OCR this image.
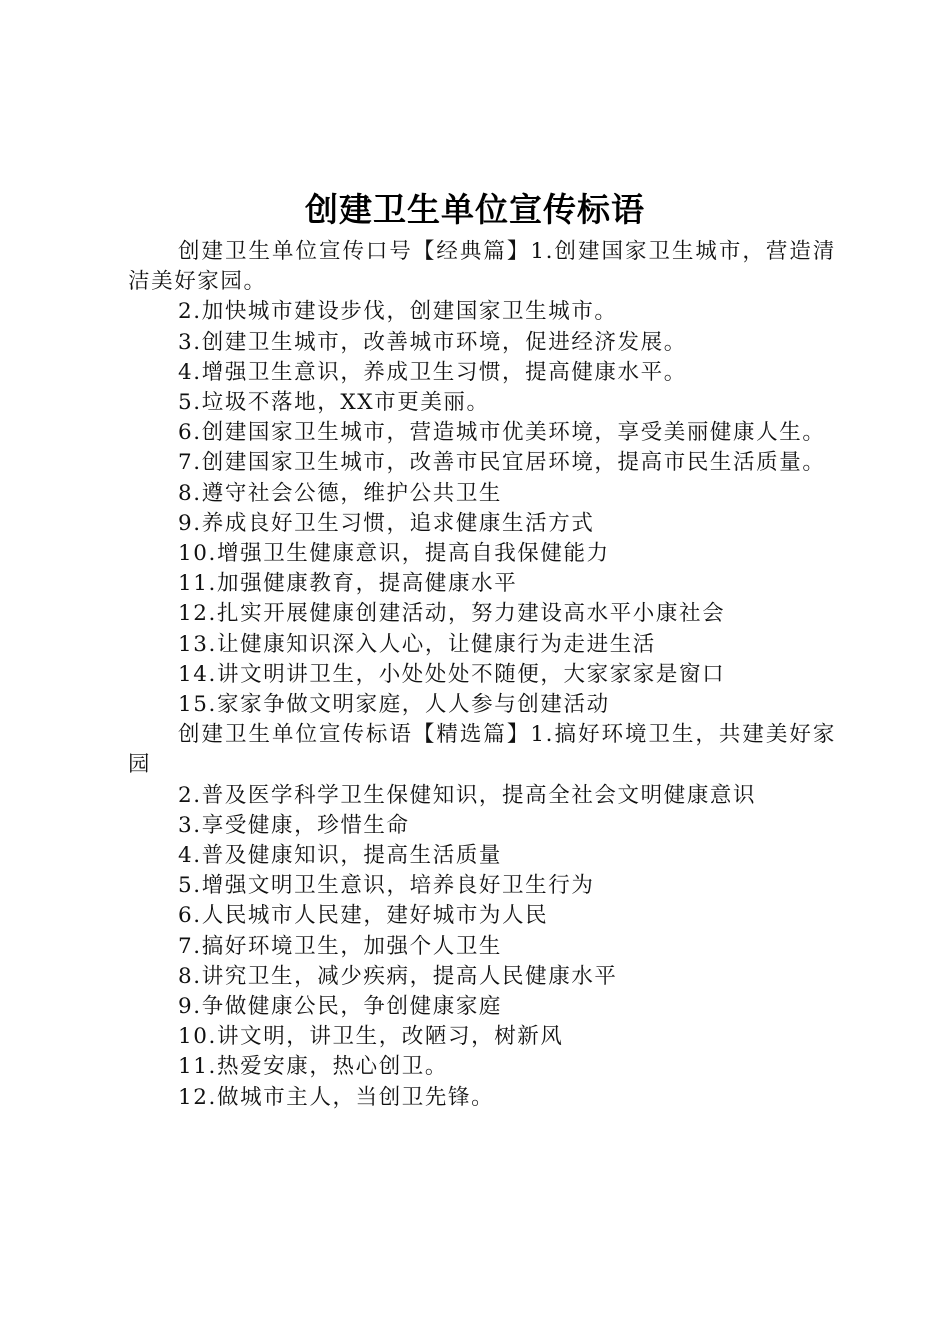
创建卫生单位宣传标语

创建卫生单位宣传口号【经典篇】1.创建国家卫生城市，营造清洁美好家园。

2.加快城市建设步伐，创建国家卫生城市。

3.创建卫生城市，改善城市环境，促进经济发展。

4.增强卫生意识，养成卫生习惯，提高健康水平。

5.垃圾不落地，XX市更美丽。

6.创建国家卫生城市，营造城市优美环境，享受美丽健康人生。

7.创建国家卫生城市，改善市民宜居环境，提高市民生活质量。

8.遵守社会公德，维护公共卫生

9.养成良好卫生习惯，追求健康生活方式

10.增强卫生健康意识，提高自我保健能力

11.加强健康教育，提高健康水平

12.扎实开展健康创建活动，努力建设高水平小康社会

13.让健康知识深入人心，让健康行为走进生活

14.讲文明讲卫生，小处处处不随便，大家家家是窗口

15.家家争做文明家庭，人人参与创建活动

创建卫生单位宣传标语【精选篇】1.搞好环境卫生，共建美好家园

2.普及医学科学卫生保健知识，提高全社会文明健康意识

3.享受健康，珍惜生命

4.普及健康知识，提高生活质量

5.增强文明卫生意识，培养良好卫生行为

6.人民城市人民建，建好城市为人民

7.搞好环境卫生，加强个人卫生

8.讲究卫生，减少疾病，提高人民健康水平

9.争做健康公民，争创健康家庭

10.讲文明，讲卫生，改陋习，树新风

11.热爱安康，热心创卫。

12.做城市主人，当创卫先锋。
